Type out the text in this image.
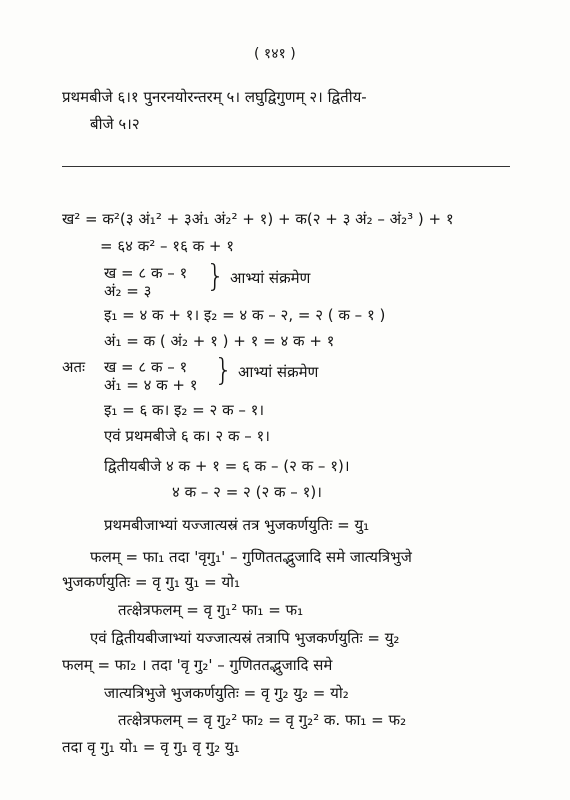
( १४१ )
प्रथमबीजे ६।१ पुनरनयोरन्तरम् ५। लघुद्विगुणम् २। द्वितीय-
बीजे ५।२
ख² = क²(३ अं₁² + ३अं₁ अं₂² + १) + क(२ + ३ अं₂ – अं₂³ ) + १
= ६४ क² – १६ क + १
ख = ८ क – १
अं₂ = ३ } आभ्यां संक्रमेण
इ₁ = ४ क + १। इ₂ = ४ क – २, = २ ( क – १ )
अं₁ = क ( अं₂ + १ ) + १ = ४ क + १
अतः ख = ८ क – १
अं₁ = ४ क + १ } आभ्यां संक्रमेण
इ₁ = ६ क। इ₂ = २ क – १।
एवं प्रथमबीजे ६ क। २ क – १।
द्वितीयबीजे ४ क + १ = ६ क – (२ क – १)।
४ क – २ = २ (२ क – १)।
प्रथमबीजाभ्यां यज्जात्यस्रं तत्र भुजकर्णयुतिः = यु₁
फलम् = फा₁ तदा 'वृगु₁' – गुणिततद्भुजादि समे जात्यत्रिभुजे
भुजकर्णयुतिः = वृ गु₁ यु₁ = यो₁
तत्क्षेत्रफलम् = वृ गु₁² फा₁ = फ₁
एवं द्वितीयबीजाभ्यां यज्जात्यस्रं तत्रापि भुजकर्णयुतिः = यु₂
फलम् = फा₂ । तदा 'वृ गु₂' – गुणिततद्भुजादि समे
जात्यत्रिभुजे भुजकर्णयुतिः = वृ गु₂ यु₂ = यो₂
तत्क्षेत्रफलम् = वृ गु₂² फा₂ = वृ गु₂² क. फा₁ = फ₂
तदा वृ गु₁ यो₁ = वृ गु₁ वृ गु₂ यु₁
